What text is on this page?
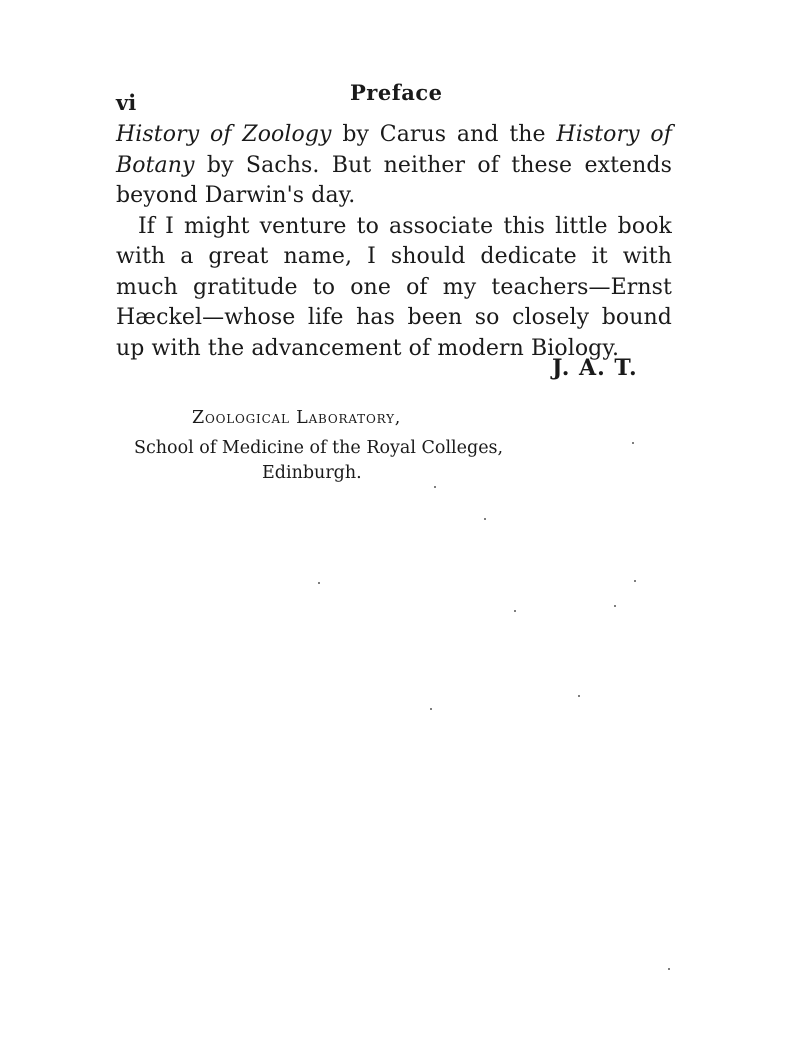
vi	Preface

History of Zoology by Carus and the History of Botany by Sachs. But neither of these extends beyond Darwin's day.

If I might venture to associate this little book with a great name, I should dedicate it with much gratitude to one of my teachers—Ernst Hæckel—whose life has been so closely bound up with the advancement of modern Biology.

J. A. T.
Zoological Laboratory,
School of Medicine of the Royal Colleges,
Edinburgh.
